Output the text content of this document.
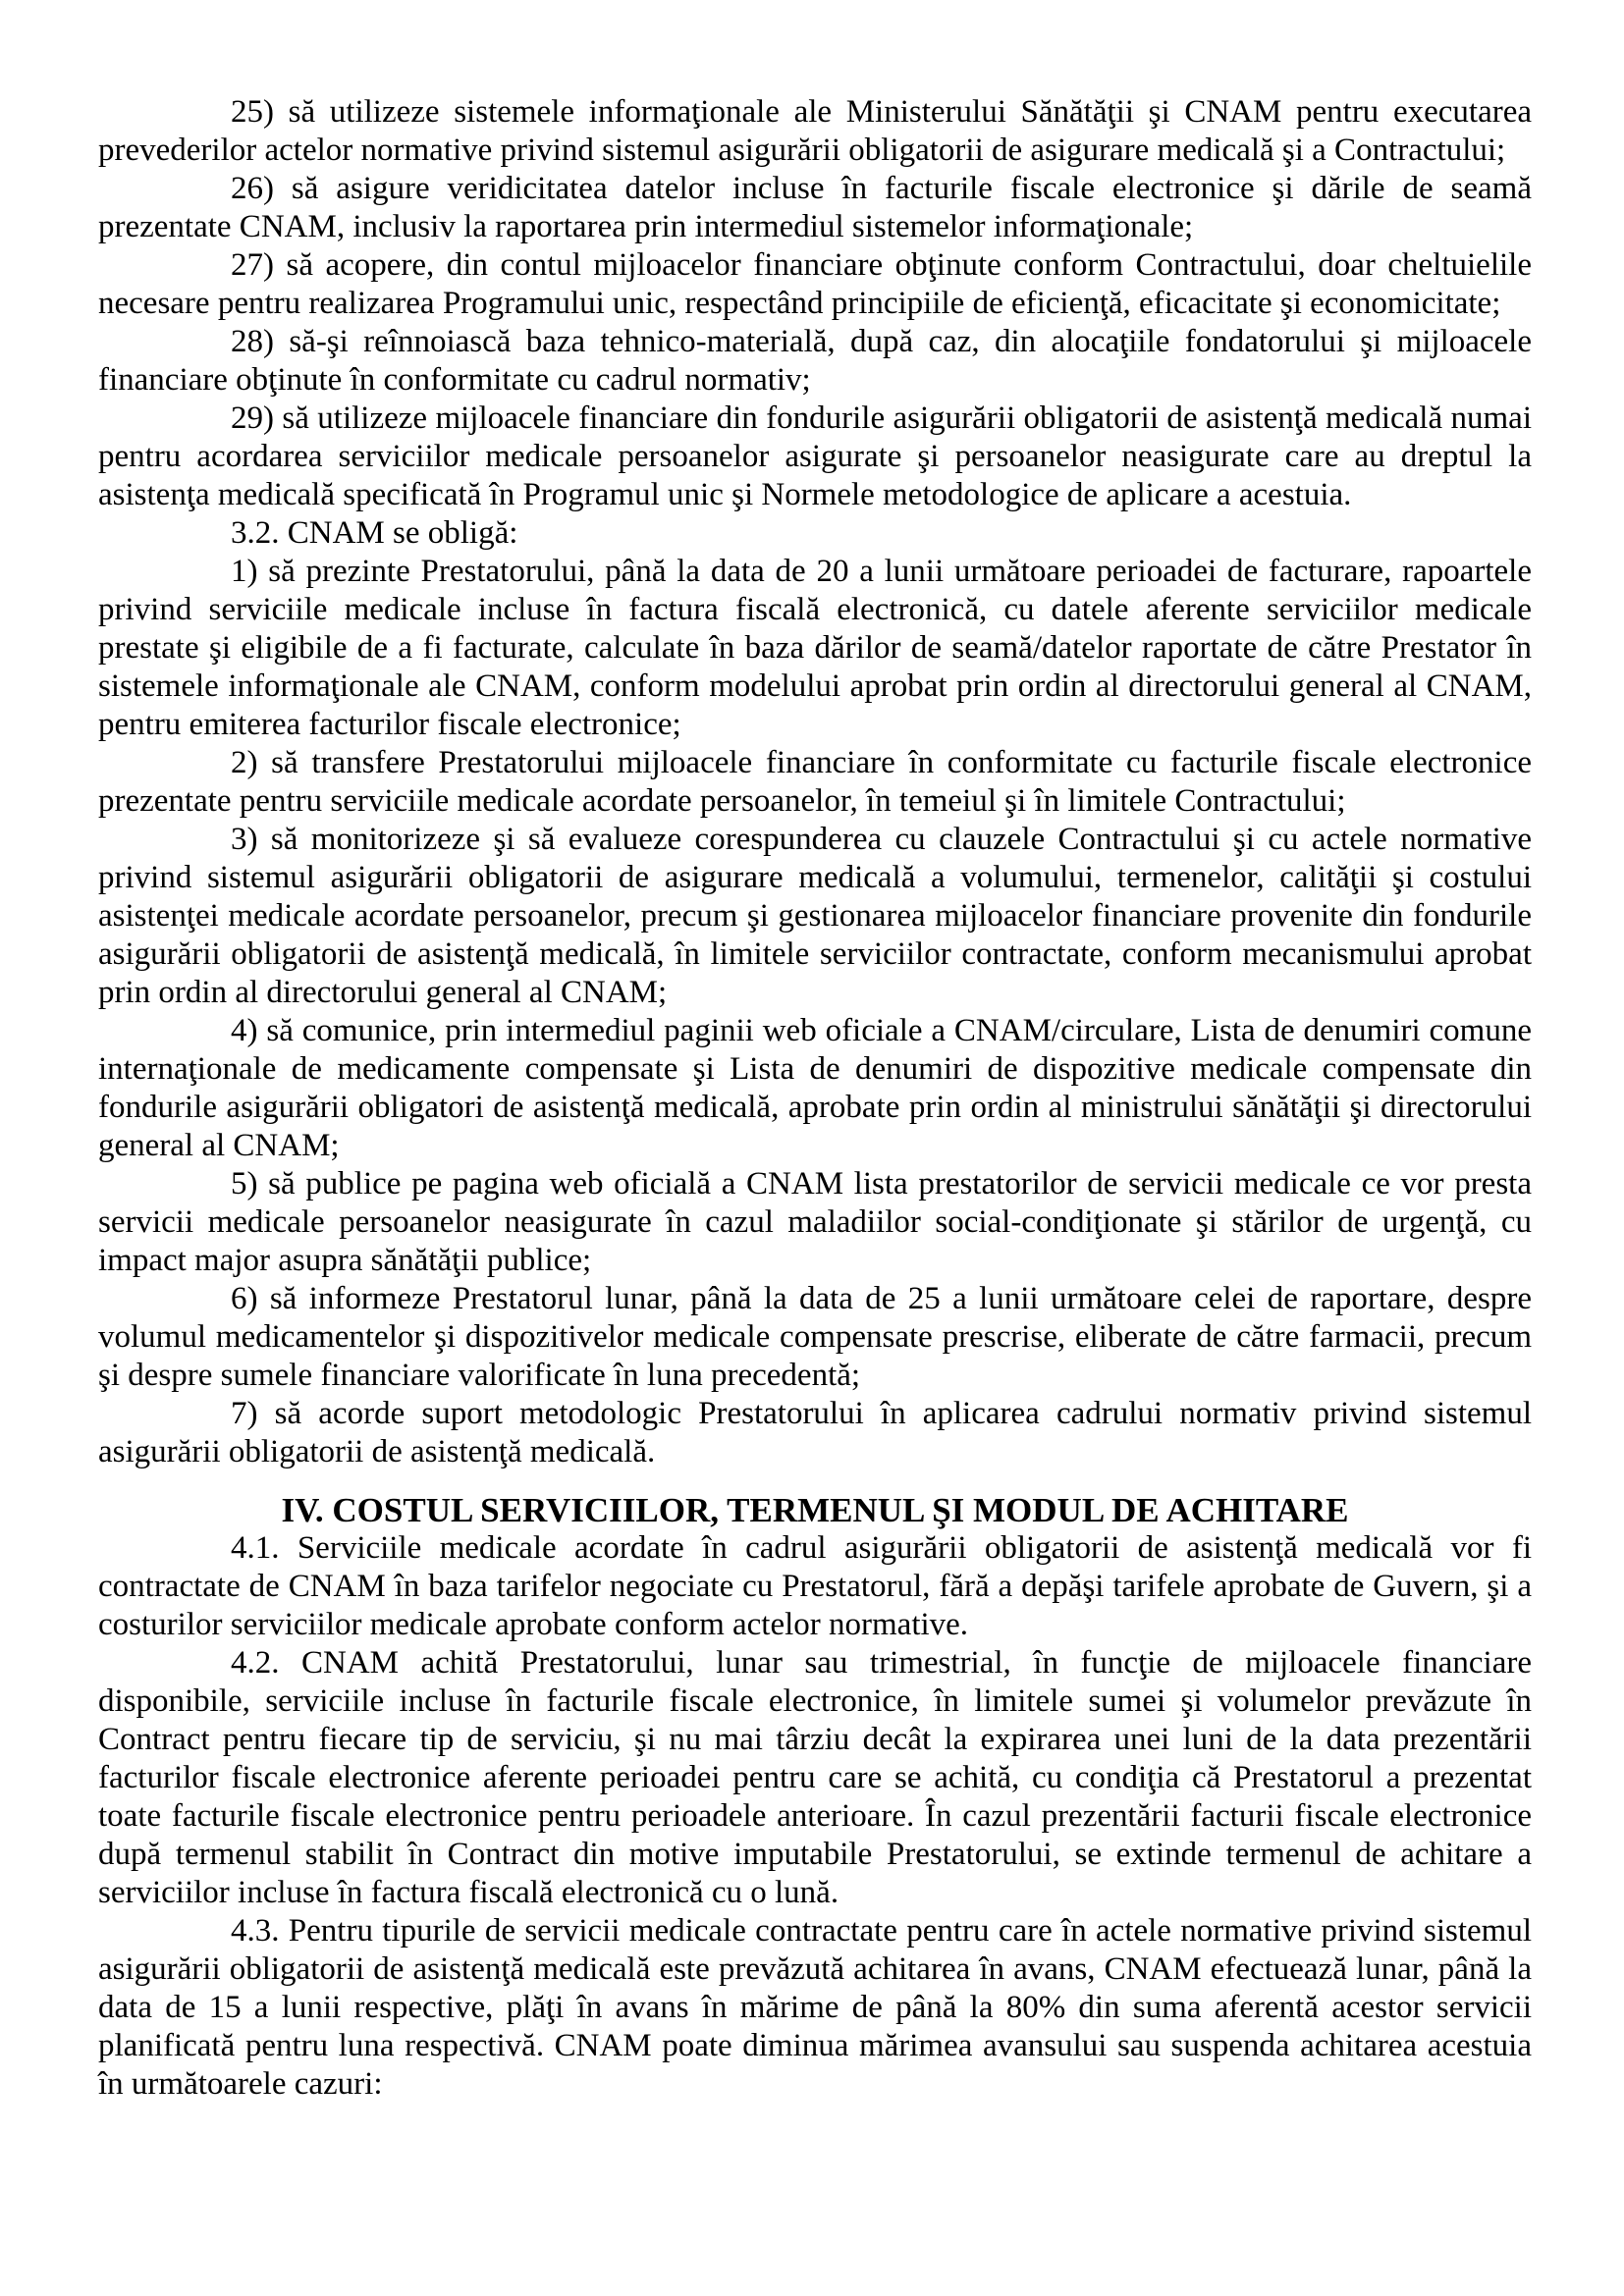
25) să utilizeze sistemele informaţionale ale Ministerului Sănătăţii şi CNAM pentru executarea prevederilor actelor normative privind sistemul asigurării obligatorii de asigurare medicală şi a Contractului;

26) să asigure veridicitatea datelor incluse în facturile fiscale electronice şi dările de seamă prezentate CNAM, inclusiv la raportarea prin intermediul sistemelor informaţionale;

27) să acopere, din contul mijloacelor financiare obţinute conform Contractului, doar cheltuielile necesare pentru realizarea Programului unic, respectând principiile de eficienţă, eficacitate şi economicitate;

28) să-şi reînnoiască baza tehnico-materială, după caz, din alocaţiile fondatorului şi mijloacele financiare obţinute în conformitate cu cadrul normativ;

29) să utilizeze mijloacele financiare din fondurile asigurării obligatorii de asistenţă medicală numai pentru acordarea serviciilor medicale persoanelor asigurate şi persoanelor neasigurate care au dreptul la asistenţa medicală specificată în Programul unic şi Normele metodologice de aplicare a acestuia.

3.2. CNAM se obligă:

1) să prezinte Prestatorului, până la data de 20 a lunii următoare perioadei de facturare, rapoartele privind serviciile medicale incluse în factura fiscală electronică, cu datele aferente serviciilor medicale prestate şi eligibile de a fi facturate, calculate în baza dărilor de seamă/datelor raportate de către Prestator în sistemele informaţionale ale CNAM, conform modelului aprobat prin ordin al directorului general al CNAM, pentru emiterea facturilor fiscale electronice;

2) să transfere Prestatorului mijloacele financiare în conformitate cu facturile fiscale electronice prezentate pentru serviciile medicale acordate persoanelor, în temeiul şi în limitele Contractului;

3) să monitorizeze şi să evalueze corespunderea cu clauzele Contractului şi cu actele normative privind sistemul asigurării obligatorii de asigurare medicală a volumului, termenelor, calităţii şi costului asistenţei medicale acordate persoanelor, precum şi gestionarea mijloacelor financiare provenite din fondurile asigurării obligatorii de asistenţă medicală, în limitele serviciilor contractate, conform mecanismului aprobat prin ordin al directorului general al CNAM;

4) să comunice, prin intermediul paginii web oficiale a CNAM/circulare, Lista de denumiri comune internaţionale de medicamente compensate şi Lista de denumiri de dispozitive medicale compensate din fondurile asigurării obligatori de asistenţă medicală, aprobate prin ordin al ministrului sănătăţii şi directorului general al CNAM;

5) să publice pe pagina web oficială a CNAM lista prestatorilor de servicii medicale ce vor presta servicii medicale persoanelor neasigurate în cazul maladiilor social-condiţionate şi stărilor de urgenţă, cu impact major asupra sănătăţii publice;

6) să informeze Prestatorul lunar, până la data de 25 a lunii următoare celei de raportare, despre volumul medicamentelor şi dispozitivelor medicale compensate prescrise, eliberate de către farmacii, precum şi despre sumele financiare valorificate în luna precedentă;

7) să acorde suport metodologic Prestatorului în aplicarea cadrului normativ privind sistemul asigurării obligatorii de asistenţă medicală.

IV. COSTUL SERVICIILOR, TERMENUL ŞI MODUL DE ACHITARE

4.1. Serviciile medicale acordate în cadrul asigurării obligatorii de asistenţă medicală vor fi contractate de CNAM în baza tarifelor negociate cu Prestatorul, fără a depăşi tarifele aprobate de Guvern, şi a costurilor serviciilor medicale aprobate conform actelor normative.

4.2. CNAM achită Prestatorului, lunar sau trimestrial, în funcţie de mijloacele financiare disponibile, serviciile incluse în facturile fiscale electronice, în limitele sumei şi volumelor prevăzute în Contract pentru fiecare tip de serviciu, şi nu mai târziu decât la expirarea unei luni de la data prezentării facturilor fiscale electronice aferente perioadei pentru care se achită, cu condiţia că Prestatorul a prezentat toate facturile fiscale electronice pentru perioadele anterioare. În cazul prezentării facturii fiscale electronice după termenul stabilit în Contract din motive imputabile Prestatorului, se extinde termenul de achitare a serviciilor incluse în factura fiscală electronică cu o lună.

4.3. Pentru tipurile de servicii medicale contractate pentru care în actele normative privind sistemul asigurării obligatorii de asistenţă medicală este prevăzută achitarea în avans, CNAM efectuează lunar, până la data de 15 a lunii respective, plăţi în avans în mărime de până la 80% din suma aferentă acestor servicii planificată pentru luna respectivă. CNAM poate diminua mărimea avansului sau suspenda achitarea acestuia în următoarele cazuri:
